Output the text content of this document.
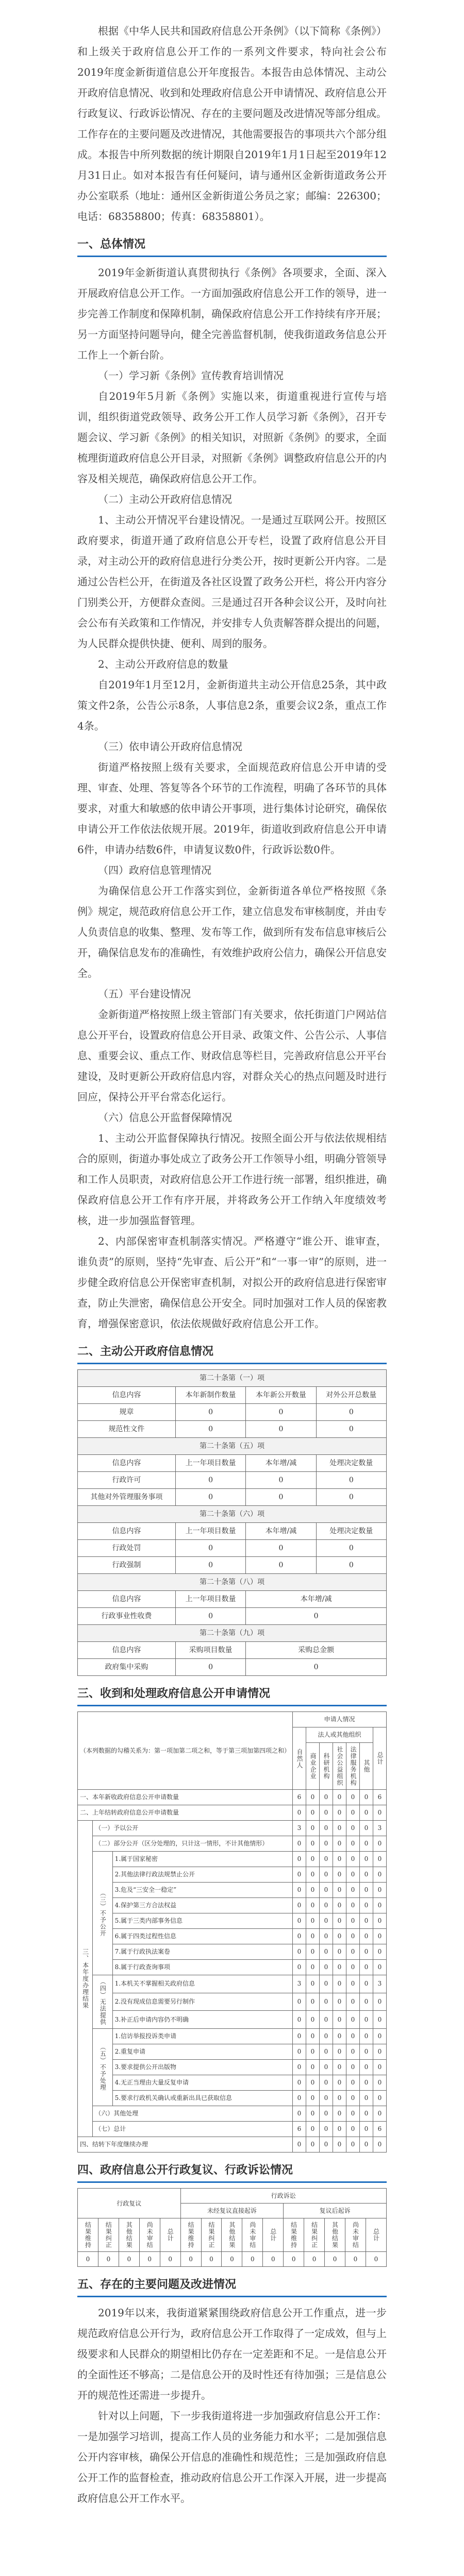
根据《中华人民共和国政府信息公开条例》（以下简称《条例》）和上级关于政府信息公开工作的一系列文件要求，特向社会公布2019年度金新街道信息公开年度报告。本报告由总体情况、主动公开政府信息情况、收到和处理政府信息公开申请情况、政府信息公开行政复议、行政诉讼情况、存在的主要问题及改进情况等部分组成。工作存在的主要问题及改进情况，其他需要报告的事项共六个部分组成。本报告中所列数据的统计期限自2019年1月1日起至2019年12月31日止。如对本报告有任何疑问，请与通州区金新街道政务公开办公室联系（地址：通州区金新街道公务员之家；邮编：226300；电话：68358800；传真：68358801）。

一、总体情况

2019年金新街道认真贯彻执行《条例》各项要求，全面、深入开展政府信息公开工作。一方面加强政府信息公开工作的领导，进一步完善工作制度和保障机制，确保政府信息公开工作持续有序开展；另一方面坚持问题导向，健全完善监督机制，使我街道政务信息公开工作上一个新台阶。

（一）学习新《条例》宣传教育培训情况

自2019年5月新《条例》实施以来，街道重视进行宣传与培训，组织街道党政领导、政务公开工作人员学习新《条例》，召开专题会议、学习新《条例》的相关知识，对照新《条例》的要求，全面梳理街道政府信息公开目录，对照新《条例》调整政府信息公开的内容及相关规范，确保政府信息公开工作。

（二）主动公开政府信息情况

1、主动公开情况平台建设情况。一是通过互联网公开。按照区政府要求，街道开通了政府信息公开专栏，设置了政府信息公开目录，对主动公开的政府信息进行分类公开，按时更新公开内容。二是通过公告栏公开，在街道及各社区设置了政务公开栏，将公开内容分门别类公开，方便群众查阅。三是通过召开各种会议公开，及时向社会公布有关政策和工作情况，并安排专人负责解答群众提出的问题，为人民群众提供快捷、便利、周到的服务。

2、主动公开政府信息的数量

自2019年1月至12月，金新街道共主动公开信息25条，其中政策文件2条，公告公示8条，人事信息2条，重要会议2条，重点工作4条。

（三）依申请公开政府信息情况

街道严格按照上级有关要求，全面规范政府信息公开申请的受理、审查、处理、答复等各个环节的工作流程，明确了各环节的具体要求，对重大和敏感的依申请公开事项，进行集体讨论研究，确保依申请公开工作依法依规开展。2019年，街道收到政府信息公开申请6件，申请办结数6件，申请复议数0件，行政诉讼数0件。

（四）政府信息管理情况

为确保信息公开工作落实到位，金新街道各单位严格按照《条例》规定，规范政府信息公开工作，建立信息发布审核制度，并由专人负责信息的收集、整理、发布等工作，做到所有发布信息审核后公开，确保信息发布的准确性，有效维护政府公信力，确保公开信息安全。

（五）平台建设情况

金新街道严格按照上级主管部门有关要求，依托街道门户网站信息公开平台，设置政府信息公开目录、政策文件、公告公示、人事信息、重要会议、重点工作、财政信息等栏目，完善政府信息公开平台建设，及时更新公开政府信息内容，对群众关心的热点问题及时进行回应，保持公开平台常态化运行。

（六）信息公开监督保障情况

1、主动公开监督保障执行情况。按照全面公开与依法依规相结合的原则，街道办事处成立了政务公开工作领导小组，明确分管领导和工作人员职责，对政府信息公开工作进行统一部署，组织推进，确保政府信息公开工作有序开展，并将政务公开工作纳入年度绩效考核，进一步加强监督管理。

2、内部保密审查机制落实情况。严格遵守“谁公开、谁审查，谁负责”的原则，坚持“先审查、后公开”和“一事一审”的原则，进一步健全政府信息公开保密审查机制，对拟公开的政府信息进行保密审查，防止失泄密，确保信息公开安全。同时加强对工作人员的保密教育，增强保密意识，依法依规做好政府信息公开工作。

二、主动公开政府信息情况
第二十条第（一）项			
信息内容	本年新制作数量	本年新公开数量	对外公开总数量
规章	0	0	0
规范性文件	0	0	0
第二十条第（五）项			
信息内容	上一年项目数量	本年增/减	处理决定数量
行政许可	0	0	0
其他对外管理服务事项	0	0	0
第二十条第（六）项			
信息内容	上一年项目数量	本年增/减	处理决定数量
行政处罚	0	0	0
行政强制	0	0	0
第二十条第（八）项			
信息内容	上一年项目数量	本年增/减	
行政事业性收费	0	0	
第二十条第（九）项			
信息内容	采购项目数量	采购总金额	
政府集中采购	0	0	
三、收到和处理政府信息公开申请情况
（本列数据的勾稽关系为：第一项加第二项之和，等于第三项加第四项之和）			申请人情况						

			自然人	法人或其他组织					总计

				商业企业	科研机构	社会公益组织	法律服务机构	其他	

一、本年新收政府信息公开申请数量			6	0	0	0	0	0	6
二、上年结转政府信息公开申请数量			0	0	0	0	0	0	0

三、本年度办理结果	（一）予以公开		3	0	0	0	0	0	3
	（二）部分公开（区分处理的，只计这一情形，不计其他情形）		0	0	0	0	0	0	0

	（三）不予公开	1.属于国家秘密	0	0	0	0	0	0	0
		2.其他法律行政法规禁止公开	0	0	0	0	0	0	0
		3.危及“三安全一稳定”	0	0	0	0	0	0	0
		4.保护第三方合法权益	0	0	0	0	0	0	0
		5.属于三类内部事务信息	0	0	0	0	0	0	0
		6.属于四类过程性信息	0	0	0	0	0	0	0
		7.属于行政执法案卷	0	0	0	0	0	0	0
		8.属于行政查询事项	0	0	0	0	0	0	0

	（四）无法提供	1.本机关不掌握相关政府信息	3	0	0	0	0	0	3
		2.没有现成信息需要另行制作	0	0	0	0	0	0	0
		3.补正后申请内容仍不明确	0	0	0	0	0	0	0

	（五）不予处理	1.信访举报投诉类申请	0	0	0	0	0	0	0
		2.重复申请	0	0	0	0	0	0	0
		3.要求提供公开出版物	0	0	0	0	0	0	0
		4.无正当理由大量反复申请	0	0	0	0	0	0	0
		5.要求行政机关确认或重新出具已获取信息	0	0	0	0	0	0	0
	（六）其他处理		0	0	0	0	0	0	0
	（七）总计		6	0	0	0	0	0	6
四、结转下年度继续办理			0	0	0	0	0	0	0
四、政府信息公开行政复议、行政诉讼情况
行政复议					行政诉讼									
					未经复议直接起诉					复议后起诉				

结果维持	结果纠正	其他结果	尚未审结	总计	结果维持	结果纠正	其他结果	尚未审结	总计	结果维持	结果纠正	其他结果	尚未审结	总计

0	0	0	0	0	0	0	0	0	0	0	0	0	0	0
五、存在的主要问题及改进情况

2019年以来，我街道紧紧围绕政府信息公开工作重点，进一步规范政府信息公开行为，政府信息公开工作取得了一定成效，但与上级要求和人民群众的期望相比仍存在一定差距和不足。一是信息公开的全面性还不够高；二是信息公开的及时性还有待加强；三是信息公开的规范性还需进一步提升。

针对以上问题，下一步我街道将进一步加强政府信息公开工作：一是加强学习培训，提高工作人员的业务能力和水平；二是加强信息公开内容审核，确保公开信息的准确性和规范性；三是加强政府信息公开工作的监督检查，推动政府信息公开工作深入开展，进一步提高政府信息公开工作水平。
